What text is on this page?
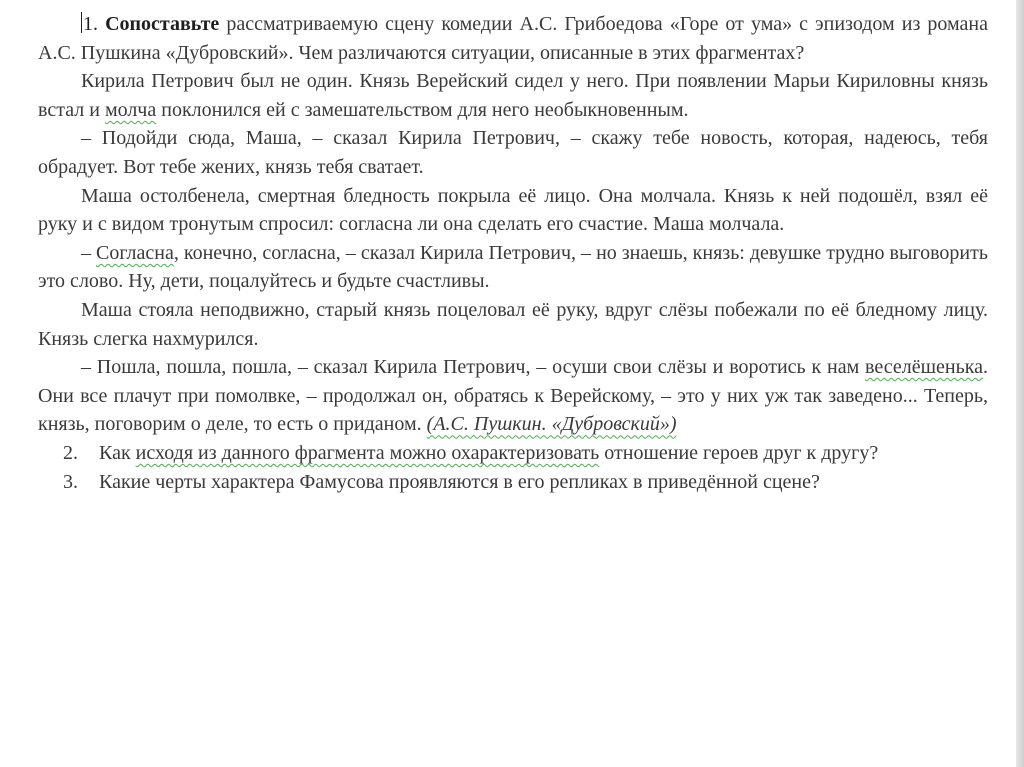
1. Сопоставьте рассматриваемую сцену комедии А.С. Грибоедова «Горе от ума» с эпизодом из романа А.С. Пушкина «Дубровский». Чем различаются ситуации, описанные в этих фрагментах?

Кирила Петрович был не один. Князь Верейский сидел у него. При появлении Марьи Кириловны князь встал и молча поклонился ей с замешательством для него необыкновенным.

– Подойди сюда, Маша, – сказал Кирила Петрович, – скажу тебе новость, которая, надеюсь, тебя обрадует. Вот тебе жених, князь тебя сватает.

Маша остолбенела, смертная бледность покрыла её лицо. Она молчала. Князь к ней подошёл, взял её руку и с видом тронутым спросил: согласна ли она сделать его счастие. Маша молчала.

– Согласна, конечно, согласна, – сказал Кирила Петрович, – но знаешь, князь: девушке трудно выговорить это слово. Ну, дети, поцалуйтесь и будьте счастливы.

Маша стояла неподвижно, старый князь поцеловал её руку, вдруг слёзы побежали по её бледному лицу. Князь слегка нахмурился.

– Пошла, пошла, пошла, – сказал Кирила Петрович, – осуши свои слёзы и воротись к нам веселёшенька. Они все плачут при помолвке, – продолжал он, обратясь к Верейскому, – это у них уж так заведено... Теперь, князь, поговорим о деле, то есть о приданом. (А.С. Пушкин. «Дубровский»)

2. Как исходя из данного фрагмента можно охарактеризовать отношение героев друг к другу?
3. Какие черты характера Фамусова проявляются в его репликах в приведённой сцене?
